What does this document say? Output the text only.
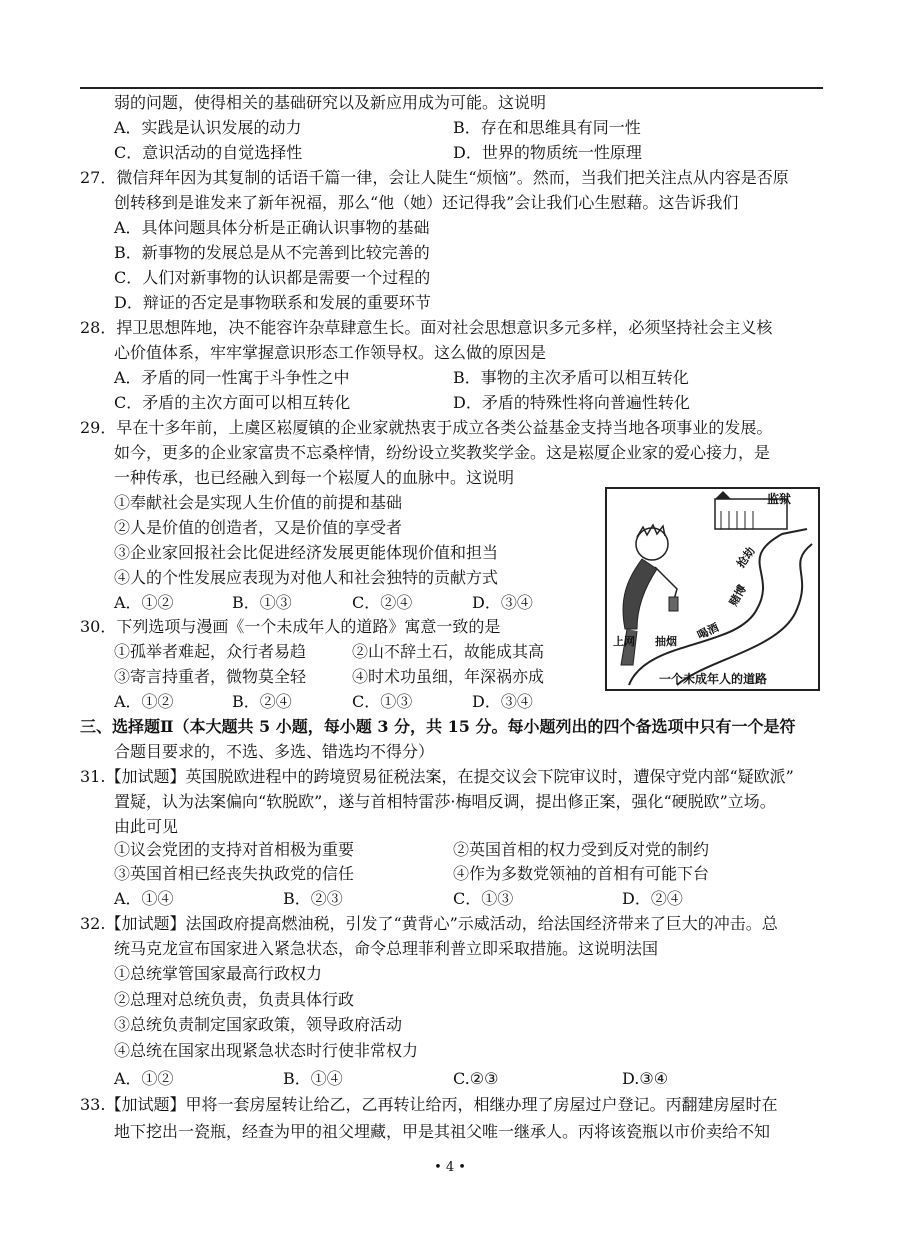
弱的问题，使得相关的基础研究以及新应用成为可能。这说明
A．实践是认识发展的动力	B．存在和思维具有同一性
C．意识活动的自觉选择性	D．世界的物质统一性原理
27．微信拜年因为其复制的话语千篇一律，会让人陡生“烦恼”。然而，当我们把关注点从内容是否原
创转移到是谁发来了新年祝福，那么“他（她）还记得我”会让我们心生慰藉。这告诉我们
A．具体问题具体分析是正确认识事物的基础
B．新事物的发展总是从不完善到比较完善的
C．人们对新事物的认识都是需要一个过程的
D．辩证的否定是事物联系和发展的重要环节
28．捍卫思想阵地，决不能容许杂草肆意生长。面对社会思想意识多元多样，必须坚持社会主义核
心价值体系，牢牢掌握意识形态工作领导权。这么做的原因是
A．矛盾的同一性寓于斗争性之中	B．事物的主次矛盾可以相互转化
C．矛盾的主次方面可以相互转化	D．矛盾的特殊性将向普遍性转化
29．早在十多年前，上虞区崧厦镇的企业家就热衷于成立各类公益基金支持当地各项事业的发展。
如今，更多的企业家富贵不忘桑梓情，纷纷设立奖教奖学金。这是崧厦企业家的爱心接力，是
一种传承，也已经融入到每一个崧厦人的血脉中。这说明
①奉献社会是实现人生价值的前提和基础
②人是价值的创造者，又是价值的享受者
③企业家回报社会比促进经济发展更能体现价值和担当
④人的个性发展应表现为对他人和社会独特的贡献方式
A．①②	B．①③	C．②④	D．③④
30．下列选项与漫画《一个未成年人的道路》寓意一致的是
①孤举者难起，众行者易趋	②山不辞土石，故能成其高
③寄言持重者，微物莫全轻	④时术功虽细，年深祸亦成
A．①②	B．②④	C．①③	D．③④
监狱
上网 抽烟 喝酒
赌博
抢劫
一个未成年人的道路
三、选择题Ⅱ（本大题共 5 小题，每小题 3 分，共 15 分。每小题列出的四个备选项中只有一个是符
合题目要求的，不选、多选、错选均不得分）
31.【加试题】英国脱欧进程中的跨境贸易征税法案，在提交议会下院审议时，遭保守党内部“疑欧派”
置疑，认为法案偏向“软脱欧”，遂与首相特雷莎·梅唱反调，提出修正案，强化“硬脱欧”立场。
由此可见
①议会党团的支持对首相极为重要	②英国首相的权力受到反对党的制约
③英国首相已经丧失执政党的信任	④作为多数党领袖的首相有可能下台
A．①④	B．②③	C．①③	D．②④
32.【加试题】法国政府提高燃油税，引发了“黄背心”示威活动，给法国经济带来了巨大的冲击。总
统马克龙宣布国家进入紧急状态，命令总理菲利普立即采取措施。这说明法国
①总统掌管国家最高行政权力
②总理对总统负责，负责具体行政
③总统负责制定国家政策，领导政府活动
④总统在国家出现紧急状态时行使非常权力
A．①②	B．①④	C.②③	D.③④
33.【加试题】甲将一套房屋转让给乙，乙再转让给丙，相继办理了房屋过户登记。丙翻建房屋时在
地下挖出一瓷瓶，经查为甲的祖父埋藏，甲是其祖父唯一继承人。丙将该瓷瓶以市价卖给不知
• 4 •
